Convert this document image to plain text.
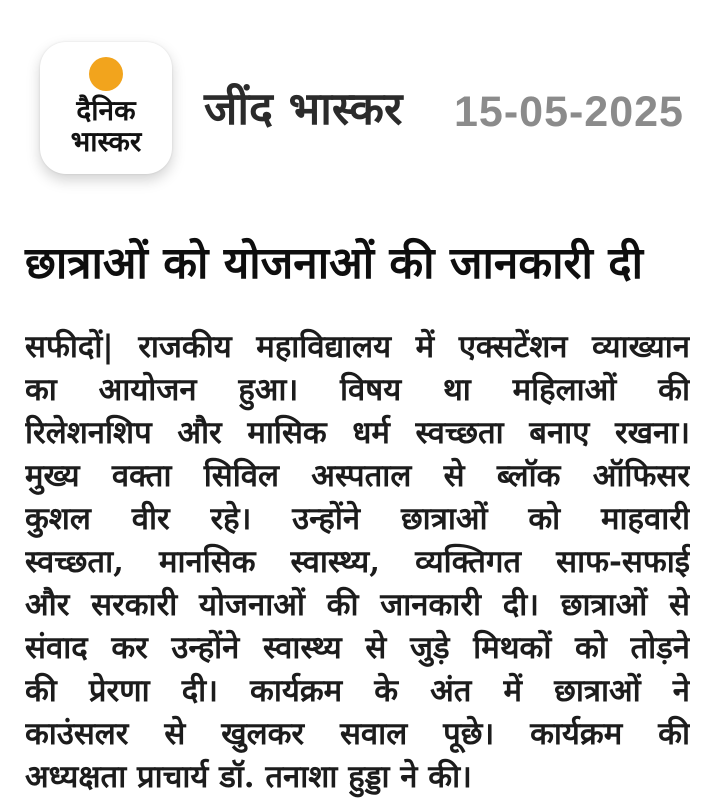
दैनिक
भास्कर
जींद भास्कर 15-05-2025
छात्राओं को योजनाओं की जानकारी दी
सफीदों| राजकीय महाविद्यालय में एक्सटेंशन व्याख्यान
का आयोजन हुआ। विषय था महिलाओं की
रिलेशनशिप और मासिक धर्म स्वच्छता बनाए रखना।
मुख्य वक्ता सिविल अस्पताल से ब्लॉक ऑफिसर
कुशल वीर रहे। उन्होंने छात्राओं को माहवारी
स्वच्छता, मानसिक स्वास्थ्य, व्यक्तिगत साफ-सफाई
और सरकारी योजनाओं की जानकारी दी। छात्राओं से
संवाद कर उन्होंने स्वास्थ्य से जुड़े मिथकों को तोड़ने
की प्रेरणा दी। कार्यक्रम के अंत में छात्राओं ने
काउंसलर से खुलकर सवाल पूछे। कार्यक्रम की
अध्यक्षता प्राचार्य डॉ. तनाशा हुड्डा ने की।
